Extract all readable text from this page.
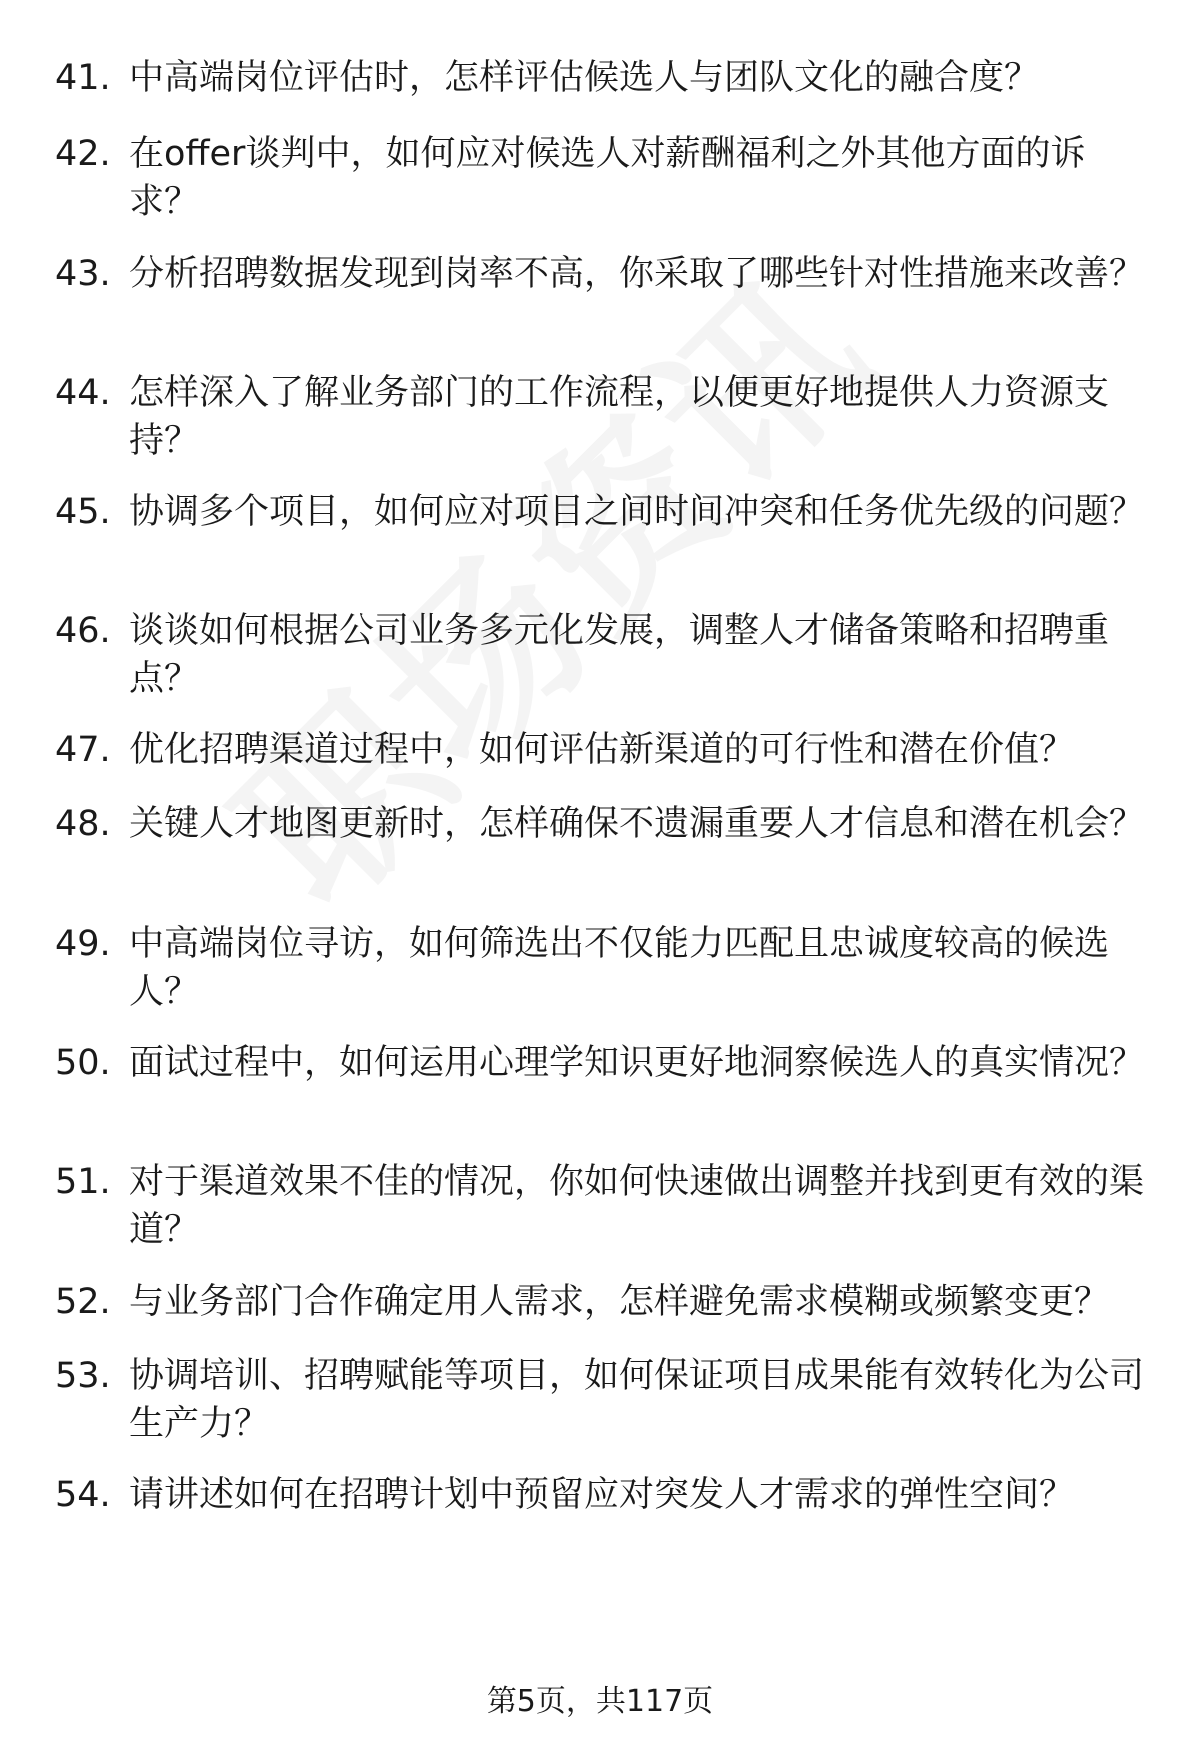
41. 中高端岗位评估时，怎样评估候选人与团队文化的融合度？
42. 在offer谈判中，如何应对候选人对薪酬福利之外其他方面的诉求？
43. 分析招聘数据发现到岗率不高，你采取了哪些针对性措施来改善？
44. 怎样深入了解业务部门的工作流程，以便更好地提供人力资源支持？
45. 协调多个项目，如何应对项目之间时间冲突和任务优先级的问题？
46. 谈谈如何根据公司业务多元化发展，调整人才储备策略和招聘重点？
47. 优化招聘渠道过程中，如何评估新渠道的可行性和潜在价值？
48. 关键人才地图更新时，怎样确保不遗漏重要人才信息和潜在机会？
49. 中高端岗位寻访，如何筛选出不仅能力匹配且忠诚度较高的候选人？
50. 面试过程中，如何运用心理学知识更好地洞察候选人的真实情况？
51. 对于渠道效果不佳的情况，你如何快速做出调整并找到更有效的渠道？
52. 与业务部门合作确定用人需求，怎样避免需求模糊或频繁变更？
53. 协调培训、招聘赋能等项目，如何保证项目成果能有效转化为公司生产力？
54. 请讲述如何在招聘计划中预留应对突发人才需求的弹性空间？
第5页，共117页
